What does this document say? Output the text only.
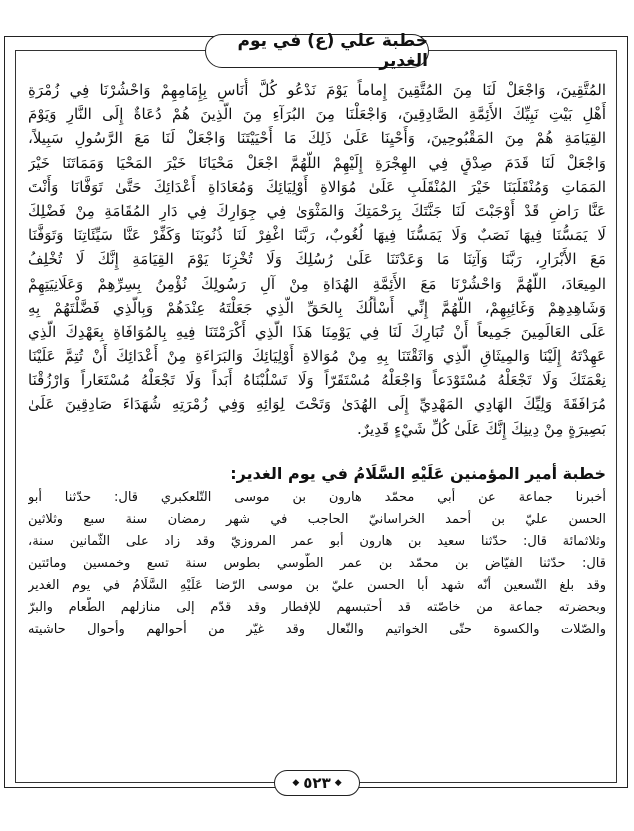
خطبة علي (ع) في يوم الغدير
المُتَّقِينَ، وَاجْعَلْ لَنَا مِنَ المُتَّقِينَ إِماماً يَوْمَ نَدْعُو كُلَّ أُنَاسٍ بِإِمَامِهِمْ وَاحْشُرْنَا فِي زُمْرَةِ
أَهْلِ بَيْتِ نَبِيِّكَ الأَئِمَّةِ الصَّادِقِينَ، وَاجْعَلْنَا مِنَ البُرَآءِ مِنَ الَّذِينَ هُمْ دُعَاةٌ إِلَى النَّارِ وَيَوْمَ
القِيَامَةِ هُمْ مِنَ المَقْبُوحِينَ، وَأَحْيِنَا عَلَىٰ ذَلِكَ مَا أَحْيَيْتَنَا وَاجْعَلْ لَنَا مَعَ الرَّسُولِ سَبِيلاً،
وَاجْعَلْ لَنَا قَدَمَ صِدْقٍ فِي الهِجْرَةِ إِلَيْهِمْ اللَّهُمَّ اجْعَلْ مَحْيَانَا خَيْرَ المَحْيَا وَمَمَاتَنَا خَيْرَ
المَمَاتِ وَمُنْقَلَبَنَا خَيْرَ المُنْقَلَبِ عَلَىٰ مُوَالاةِ أَوْلِيَائِكَ وَمُعَادَاةِ أَعْدَائِكَ حَتَّىٰ تَوَفَّانَا وَأَنْتَ
عَنَّا رَاضٍ قَدْ أَوْجَبْتَ لَنَا جَنَّتَكَ بِرَحْمَتِكَ وَالمَثْوَىٰ فِي جِوَارِكَ فِي دَارِ المُقَامَةِ مِنْ فَضْلِكَ
لَا يَمَسُّنَا فِيهَا نَصَبٌ وَلَا يَمَسُّنَا فِيهَا لُغُوبٌ، رَبَّنَا اغْفِرْ لَنَا ذُنُوبَنَا وَكَفِّرْ عَنَّا سَيِّئَاتِنَا وَتَوَفَّنَا
مَعَ الأَبْرَارِ، رَبَّنَا وَآتِنَا مَا وَعَدْتَنَا عَلَىٰ رُسُلِكَ وَلَا تُخْزِنَا يَوْمَ القِيَامَةِ إِنَّكَ لَا تُخْلِفُ
المِيعَادَ، اللَّهُمَّ وَاحْشُرْنَا مَعَ الأَئِمَّةِ الهُدَاةِ مِنْ آلِ رَسُولِكَ نُؤْمِنُ بِسِرِّهِمْ وَعَلَانِيَتِهِمْ
وَشَاهِدِهِمْ وَغَائِبِهِمْ، اللَّهُمَّ إِنِّي أَسْأَلُكَ بِالحَقِّ الَّذِي جَعَلْتَهُ عِنْدَهُمْ وَبِالَّذِي فَضَّلْتَهُمْ بِهِ
عَلَى العَالَمِينَ جَمِيعاً أَنْ تُبَارِكَ لَنَا فِي يَوْمِنَا هَذَا الَّذِي أَكْرَمْتَنَا فِيهِ بِالمُوَافَاةِ بِعَهْدِكَ الَّذِي
عَهِدْتَهُ إِلَيْنَا وَالمِيثَاقِ الَّذِي وَاثَقْتَنَا بِهِ مِنْ مُوَالاةِ أَوْلِيَائِكَ وَالبَرَاءَةِ مِنْ أَعْدَائِكَ أَنْ تُتِمَّ عَلَيْنَا
نِعْمَتَكَ وَلَا تَجْعَلْهُ مُسْتَوْدَعاً وَاجْعَلْهُ مُسْتَقَرّاً وَلَا تَسْلُبْنَاهُ أَبَداً وَلَا تَجْعَلْهُ مُسْتَعَاراً وَارْزُقْنَا
مُرَافَقَةَ وَلِيِّكَ الهَادِي المَهْدِيِّ إِلَى الهُدَىٰ وَتَحْتَ لِوَائِهِ وَفِي زُمْرَتِهِ شُهَدَاءَ صَادِقِينَ عَلَىٰ
بَصِيرَةٍ مِنْ دِينِكَ إِنَّكَ عَلَىٰ كُلِّ شَيْءٍ قَدِيرٌ.
خطبة أمير المؤمنين عَلَيْهِ السَّلَامُ في يوم الغدير:
أخبرنا جماعة عن أبي محمّد هارون بن موسى التّلعكبري قال: حدّثنا أبو
الحسن عليّ بن أحمد الخراسانيّ الحاجب في شهر رمضان سنة سبع وثلاثين
وثلاثمائة قال: حدّثنا سعيد بن هارون أبو عمر المروزيّ وقد زاد على الثّمانين سنة،
قال: حدّثنا الفيّاض بن محمّد بن عمر الطّوسي بطوس سنة تسع وخمسين ومائتين
وقد بلغ التّسعين أنّه شهد أبا الحسن عليّ بن موسى الرّضا عَلَيْهِ السَّلَامُ في يوم الغدير
وبحضرته جماعة من خاصّته قد أحتبسهم للإفطار وقد قدّم إلى منازلهم الطّعام والبرّ
والصّلات والكسوة حتّى الخواتيم والنّعال وقد غيّر من أحوالهم وأحوال حاشيته
◆ ٥٢٣ ◆
